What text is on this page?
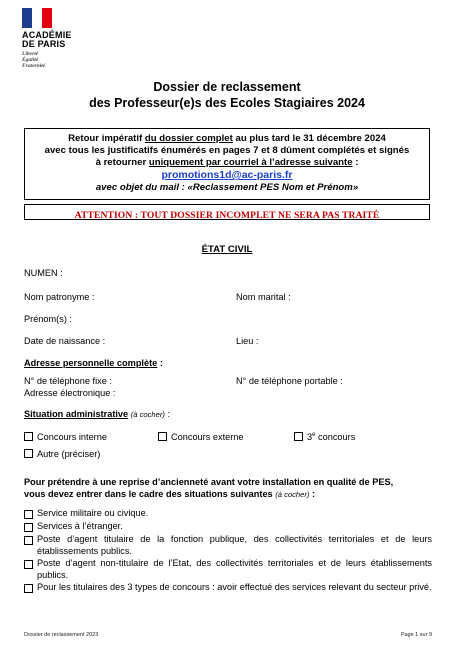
ACADÉMIE
DE PARIS
Liberté
Égalité
Fraternité
Dossier de reclassement
des Professeur(e)s des Ecoles Stagiaires 2024
Retour impératif du dossier complet au plus tard le 31 décembre 2024
avec tous les justificatifs énumérés en pages 7 et 8 dûment complétés et signés
à retourner uniquement par courriel à l’adresse suivante :
promotions1d@ac-paris.fr
avec objet du mail : «Reclassement PES Nom et Prénom»
ATTENTION : TOUT DOSSIER INCOMPLET NE SERA PAS TRAITÉ
ÉTAT CIVIL
NUMEN :
Nom patronyme :	Nom marital :
Prénom(s) :
Date de naissance :	Lieu :
Adresse personnelle complète :
N° de téléphone fixe :	N° de téléphone portable :
Adresse électronique :
Situation administrative (à cocher) :
Concours interne	Concours externe	3e concours
Autre (préciser)
Pour prétendre à une reprise d’ancienneté avant votre installation en qualité de PES,
vous devez entrer dans le cadre des situations suivantes (à cocher) :
Service militaire ou civique.
Services à l’étranger.
Poste d’agent titulaire de la fonction publique, des collectivités territoriales et de leurs établissements publics.
Poste d’agent non-titulaire de l’Etat, des collectivités territoriales et de leurs établissements publics.
Pour les titulaires des 3 types de concours : avoir effectué des services relevant du secteur privé.
Dossier de reclassement 2023	Page 1 sur 9
